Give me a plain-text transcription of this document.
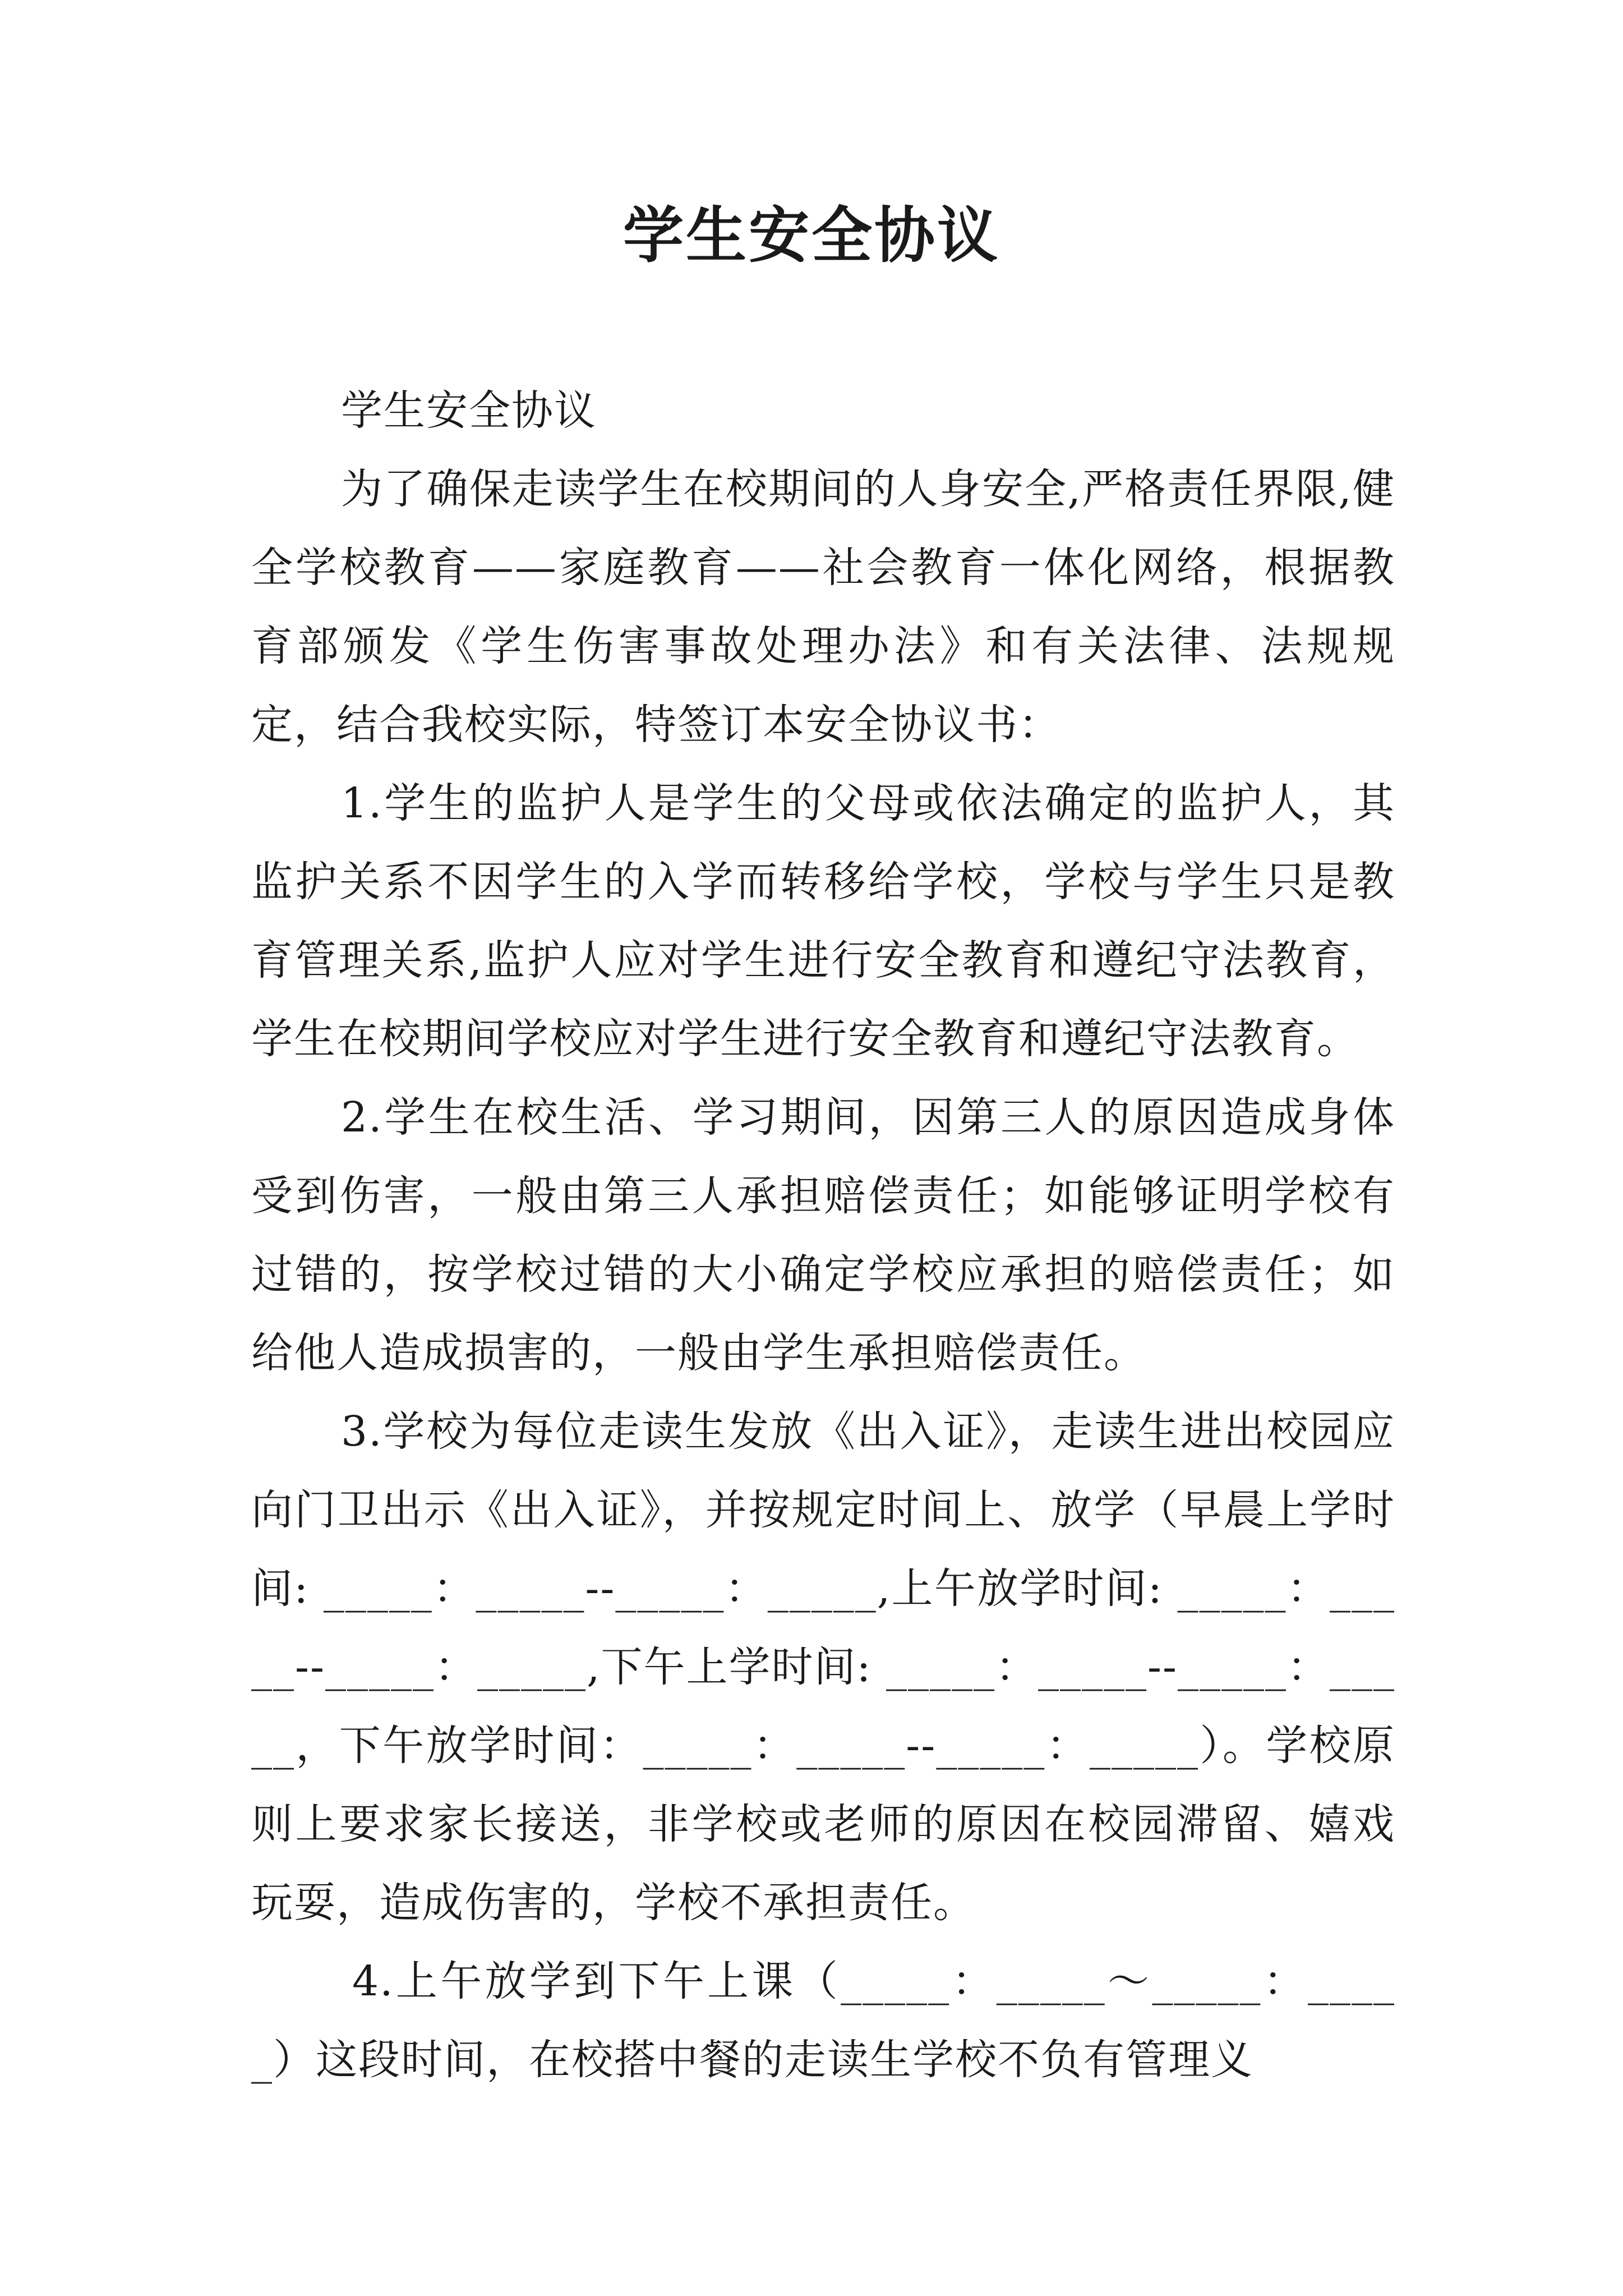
学生安全协议

学生安全协议

为了确保走读学生在校期间的人身安全,严格责任界限,健全学校教育——家庭教育——社会教育一体化网络，根据教育部颁发《学生伤害事故处理办法》和有关法律、法规规定，结合我校实际，特签订本安全协议书：

1.学生的监护人是学生的父母或依法确定的监护人，其监护关系不因学生的入学而转移给学校，学校与学生只是教育管理关系,监护人应对学生进行安全教育和遵纪守法教育，学生在校期间学校应对学生进行安全教育和遵纪守法教育。

2.学生在校生活、学习期间，因第三人的原因造成身体受到伤害，一般由第三人承担赔偿责任；如能够证明学校有过错的，按学校过错的大小确定学校应承担的赔偿责任；如给他人造成损害的，一般由学生承担赔偿责任。

3.学校为每位走读生发放《出入证》，走读生进出校园应向门卫出示《出入证》，并按规定时间上、放学（早晨上学时间: _____：_____--_____：_____,上午放学时间: _____：_____--_____：_____,下午上学时间: _____：_____--_____：_____，下午放学时间：_____：_____--_____：_____）。学校原则上要求家长接送，非学校或老师的原因在校园滞留、嬉戏玩耍，造成伤害的，学校不承担责任。

4.上午放学到下午上课（_____：_____～_____：_____）这段时间，在校搭中餐的走读生学校不负有管理义
